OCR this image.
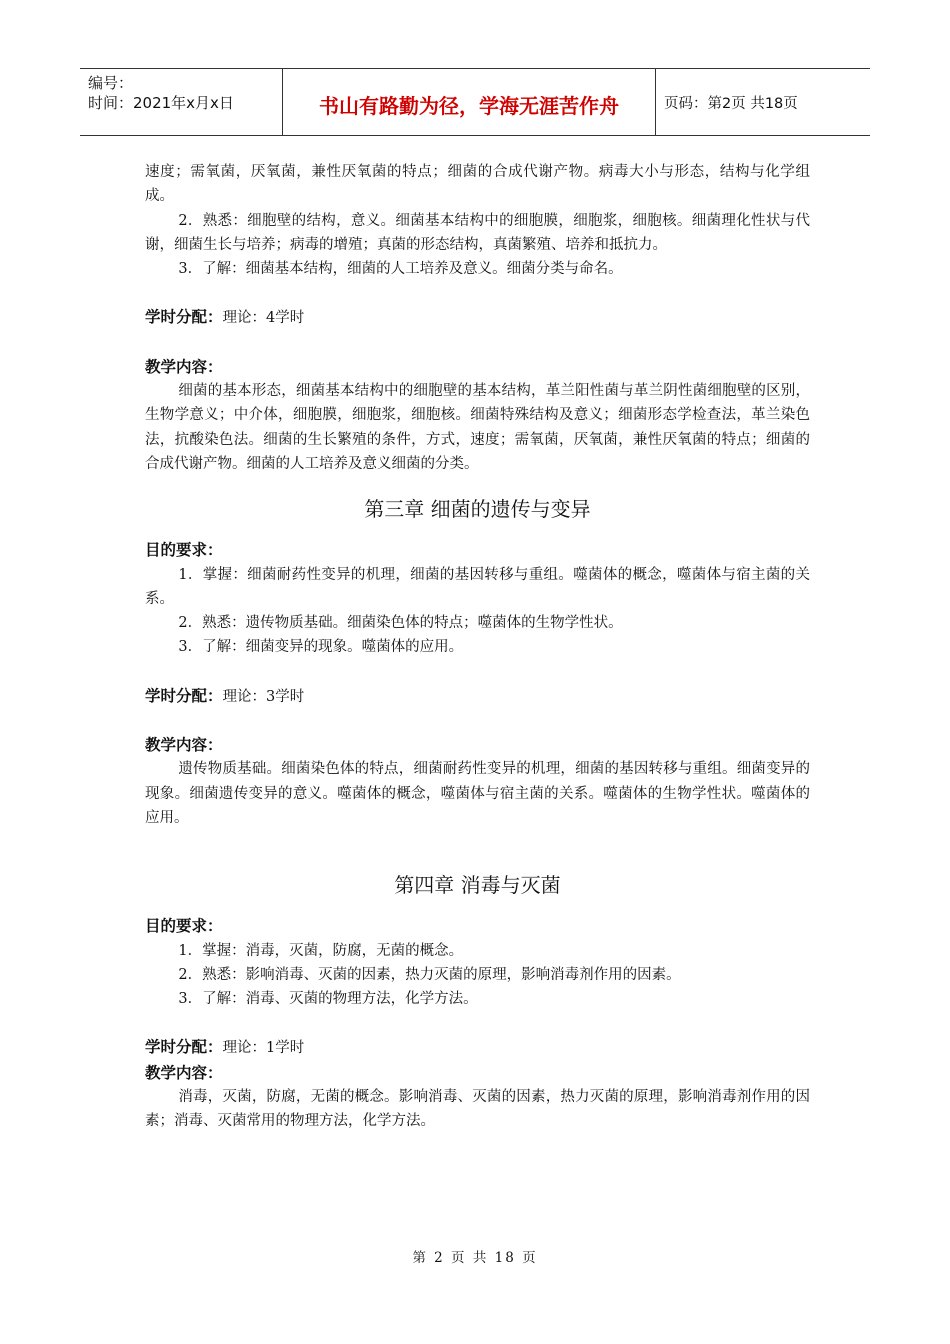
编号：
时间：2021年x月x日	书山有路勤为径，学海无涯苦作舟	页码：第2页 共18页

速度；需氧菌，厌氧菌，兼性厌氧菌的特点；细菌的合成代谢产物。病毒大小与形态，结构与化学组成。

2．熟悉：细胞壁的结构，意义。细菌基本结构中的细胞膜，细胞浆，细胞核。细菌理化性状与代谢，细菌生长与培养；病毒的增殖；真菌的形态结构，真菌繁殖、培养和抵抗力。

3．了解：细菌基本结构，细菌的人工培养及意义。细菌分类与命名。

学时分配：理论：4学时

教学内容：

细菌的基本形态，细菌基本结构中的细胞壁的基本结构，革兰阳性菌与革兰阴性菌细胞壁的区别，生物学意义；中介体，细胞膜，细胞浆，细胞核。细菌特殊结构及意义；细菌形态学检查法，革兰染色法，抗酸染色法。细菌的生长繁殖的条件，方式，速度；需氧菌，厌氧菌，兼性厌氧菌的特点；细菌的合成代谢产物。细菌的人工培养及意义细菌的分类。

第三章 细菌的遗传与变异

目的要求：

1．掌握：细菌耐药性变异的机理，细菌的基因转移与重组。噬菌体的概念，噬菌体与宿主菌的关系。

2．熟悉：遗传物质基础。细菌染色体的特点；噬菌体的生物学性状。

3．了解：细菌变异的现象。噬菌体的应用。

学时分配：理论：3学时

教学内容：

遗传物质基础。细菌染色体的特点，细菌耐药性变异的机理，细菌的基因转移与重组。细菌变异的现象。细菌遗传变异的意义。噬菌体的概念，噬菌体与宿主菌的关系。噬菌体的生物学性状。噬菌体的应用。

第四章 消毒与灭菌

目的要求：

1．掌握：消毒，灭菌，防腐，无菌的概念。

2．熟悉：影响消毒、灭菌的因素，热力灭菌的原理，影响消毒剂作用的因素。

3．了解：消毒、灭菌的物理方法，化学方法。

学时分配：理论：1学时

教学内容：

消毒，灭菌，防腐，无菌的概念。影响消毒、灭菌的因素，热力灭菌的原理，影响消毒剂作用的因素；消毒、灭菌常用的物理方法，化学方法。

第 2 页 共 18 页
